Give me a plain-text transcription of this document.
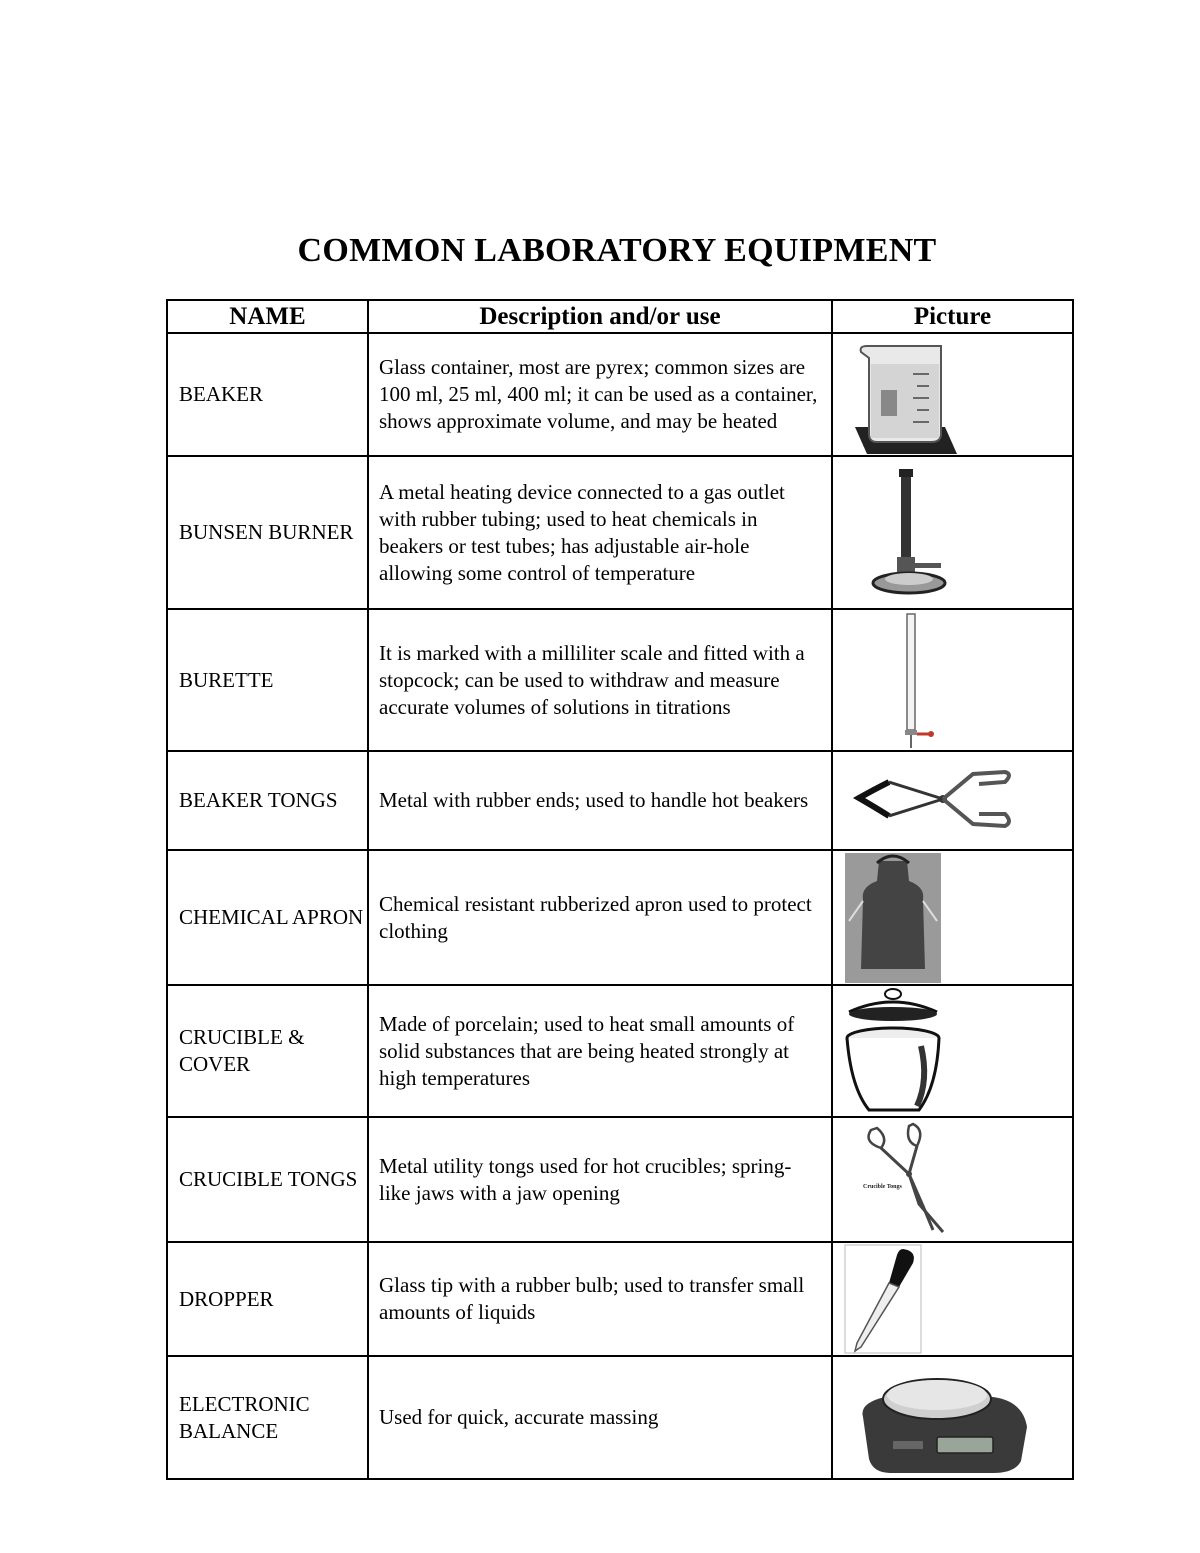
COMMON LABORATORY EQUIPMENT
NAME	Description and/or use	Picture
BEAKER	Glass container, most are pyrex; common sizes are 100 ml, 25 ml, 400 ml; it can be used as a container, shows approximate volume, and may be heated	

BUNSEN BURNER	A metal heating device connected to a gas outlet with rubber tubing; used to heat chemicals in beakers or test tubes; has adjustable air-hole allowing some control of temperature	

BURETTE	It is marked with a milliliter scale and fitted with a stopcock; can be used to withdraw and measure accurate volumes of solutions in titrations	

BEAKER TONGS	Metal with rubber ends; used to handle hot beakers	

CHEMICAL APRON	Chemical resistant rubberized apron used to protect clothing	

CRUCIBLE & COVER	Made of porcelain; used to heat small amounts of solid substances that are being heated strongly at high temperatures	

CRUCIBLE TONGS	Metal utility tongs used for hot crucibles; spring-like jaws with a jaw opening	Crucible Tongs

DROPPER	Glass tip with a rubber bulb; used to transfer small amounts of liquids	

ELECTRONIC BALANCE	Used for quick, accurate massing	
